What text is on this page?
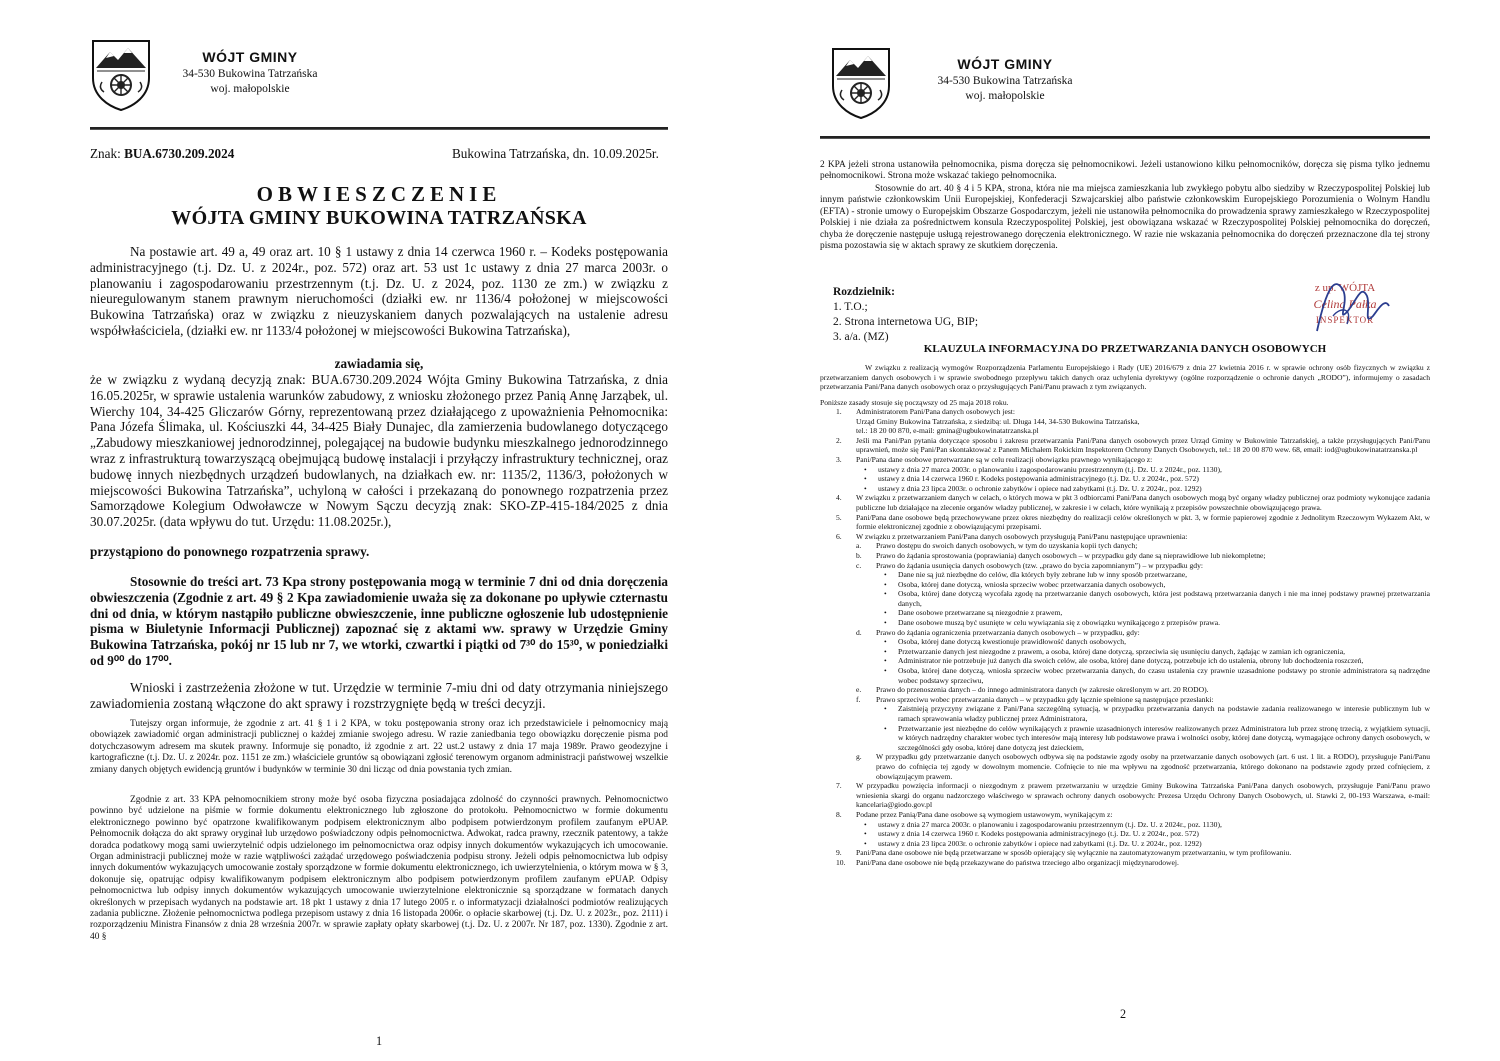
WÓJT GMINY
34-530 Bukowina Tatrzańska
woj. małopolskie
Znak: BUA.6730.209.2024	Bukowina Tatrzańska, dn. 10.09.2025r.
OBWIESZCZENIE
WÓJTA GMINY BUKOWINA TATRZAŃSKA
Na postawie art. 49 a, 49 oraz art. 10 § 1 ustawy z dnia 14 czerwca 1960 r. – Kodeks postępowania administracyjnego (t.j. Dz. U. z 2024r., poz. 572) oraz art. 53 ust 1c ustawy z dnia 27 marca 2003r. o planowaniu i zagospodarowaniu przestrzennym (t.j. Dz. U. z 2024, poz. 1130 ze zm.) w związku z nieuregulowanym stanem prawnym nieruchomości (działki ew. nr 1136/4 położonej w miejscowości Bukowina Tatrzańska) oraz w związku z nieuzyskaniem danych pozwalających na ustalenie adresu współwłaściciela, (działki ew. nr 1133/4 położonej w miejscowości Bukowina Tatrzańska),
zawiadamia się,
że w związku z wydaną decyzją znak: BUA.6730.209.2024 Wójta Gminy Bukowina Tatrzańska, z dnia 16.05.2025r, w sprawie ustalenia warunków zabudowy, z wniosku złożonego przez Panią Annę Jarząbek, ul. Wierchy 104, 34-425 Gliczarów Górny, reprezentowaną przez działającego z upoważnienia Pełnomocnika: Pana Józefa Ślimaka, ul. Kościuszki 44, 34-425 Biały Dunajec, dla zamierzenia budowlanego dotyczącego „Zabudowy mieszkaniowej jednorodzinnej, polegającej na budowie budynku mieszkalnego jednorodzinnego wraz z infrastrukturą towarzyszącą obejmującą budowę instalacji i przyłączy infrastruktury technicznej, oraz budowę innych niezbędnych urządzeń budowlanych, na działkach ew. nr: 1135/2, 1136/3, położonych w miejscowości Bukowina Tatrzańska”, uchyloną w całości i przekazaną do ponownego rozpatrzenia przez Samorządowe Kolegium Odwoławcze w Nowym Sączu decyzją znak: SKO-ZP-415-184/2025 z dnia 30.07.2025r. (data wpływu do tut. Urzędu: 11.08.2025r.),
przystąpiono do ponownego rozpatrzenia sprawy.
Stosownie do treści art. 73 Kpa strony postępowania mogą w terminie 7 dni od dnia doręczenia obwieszczenia (Zgodnie z art. 49 § 2 Kpa zawiadomienie uważa się za dokonane po upływie czternastu dni od dnia, w którym nastąpiło publiczne obwieszczenie, inne publiczne ogłoszenie lub udostępnienie pisma w Biuletynie Informacji Publicznej) zapoznać się z aktami ww. sprawy w Urzędzie Gminy Bukowina Tatrzańska, pokój nr 15 lub nr 7, we wtorki, czwartki i piątki od 7³⁰ do 15³⁰, w poniedziałki od 9⁰⁰ do 17⁰⁰.
Wnioski i zastrzeżenia złożone w tut. Urzędzie w terminie 7-miu dni od daty otrzymania niniejszego zawiadomienia zostaną włączone do akt sprawy i rozstrzygnięte będą w treści decyzji.
Tutejszy organ informuje, że zgodnie z art. 41 § 1 i 2 KPA, w toku postępowania strony oraz ich przedstawiciele i pełnomocnicy mają obowiązek zawiadomić organ administracji publicznej o każdej zmianie swojego adresu. W razie zaniedbania tego obowiązku doręczenie pisma pod dotychczasowym adresem ma skutek prawny. Informuje się ponadto, iż zgodnie z art. 22 ust.2 ustawy z dnia 17 maja 1989r. Prawo geodezyjne i kartograficzne (t.j. Dz. U. z 2024r. poz. 1151 ze zm.) właściciele gruntów są obowiązani zgłosić terenowym organom administracji państwowej wszelkie zmiany danych objętych ewidencją gruntów i budynków w terminie 30 dni licząc od dnia powstania tych zmian.
Zgodnie z art. 33 KPA pełnomocnikiem strony może być osoba fizyczna posiadająca zdolność do czynności prawnych. Pełnomocnictwo powinno być udzielone na piśmie w formie dokumentu elektronicznego lub zgłoszone do protokołu. Pełnomocnictwo w formie dokumentu elektronicznego powinno być opatrzone kwalifikowanym podpisem elektronicznym albo podpisem potwierdzonym profilem zaufanym ePUAP. Pełnomocnik dołącza do akt sprawy oryginał lub urzędowo poświadczony odpis pełnomocnictwa. Adwokat, radca prawny, rzecznik patentowy, a także doradca podatkowy mogą sami uwierzytelnić odpis udzielonego im pełnomocnictwa oraz odpisy innych dokumentów wykazujących ich umocowanie. Organ administracji publicznej może w razie wątpliwości zażądać urzędowego poświadczenia podpisu strony. Jeżeli odpis pełnomocnictwa lub odpisy innych dokumentów wykazujących umocowanie zostały sporządzone w formie dokumentu elektronicznego, ich uwierzytelnienia, o którym mowa w § 3, dokonuje się, opatrując odpisy kwalifikowanym podpisem elektronicznym albo podpisem potwierdzonym profilem zaufanym ePUAP. Odpisy pełnomocnictwa lub odpisy innych dokumentów wykazujących umocowanie uwierzytelnione elektronicznie są sporządzane w formatach danych określonych w przepisach wydanych na podstawie art. 18 pkt 1 ustawy z dnia 17 lutego 2005 r. o informatyzacji działalności podmiotów realizujących zadania publiczne. Złożenie pełnomocnictwa podlega przepisom ustawy z dnia 16 listopada 2006r. o opłacie skarbowej (t.j. Dz. U. z 2023r., poz. 2111) i rozporządzeniu Ministra Finansów z dnia 28 września 2007r. w sprawie zapłaty opłaty skarbowej (t.j. Dz. U. z 2007r. Nr 187, poz. 1330). Zgodnie z art. 40 §
1
WÓJT GMINY
34-530 Bukowina Tatrzańska
woj. małopolskie
2 KPA jeżeli strona ustanowiła pełnomocnika, pisma doręcza się pełnomocnikowi. Jeżeli ustanowiono kilku pełnomocników, doręcza się pisma tylko jednemu pełnomocnikowi. Strona może wskazać takiego pełnomocnika.
Stosownie do art. 40 § 4 i 5 KPA, strona, która nie ma miejsca zamieszkania lub zwykłego pobytu albo siedziby w Rzeczypospolitej Polskiej lub innym państwie członkowskim Unii Europejskiej, Konfederacji Szwajcarskiej albo państwie członkowskim Europejskiego Porozumienia o Wolnym Handlu (EFTA) - stronie umowy o Europejskim Obszarze Gospodarczym, jeżeli nie ustanowiła pełnomocnika do prowadzenia sprawy zamieszkałego w Rzeczypospolitej Polskiej i nie działa za pośrednictwem konsula Rzeczypospolitej Polskiej, jest obowiązana wskazać w Rzeczypospolitej Polskiej pełnomocnika do doręczeń, chyba że doręczenie następuje usługą rejestrowanego doręczenia elektronicznego. W razie nie wskazania pełnomocnika do doręczeń przeznaczone dla tej strony pisma pozostawia się w aktach sprawy ze skutkiem doręczenia.
Rozdzielnik:
1. T.O.;
2. Strona internetowa UG, BIP;
3. a/a. (MZ)
z up. WÓJTA
Celina Pałka
INSPEKTOR
KLAUZULA INFORMACYJNA DO PRZETWARZANIA DANYCH OSOBOWYCH
W związku z realizacją wymogów Rozporządzenia Parlamentu Europejskiego i Rady (UE) 2016/679 z dnia 27 kwietnia 2016 r. w sprawie ochrony osób fizycznych w związku z przetwarzaniem danych osobowych i w sprawie swobodnego przepływu takich danych oraz uchylenia dyrektywy (ogólne rozporządzenie o ochronie danych „RODO”), informujemy o zasadach przetwarzania Pani/Pana danych osobowych oraz o przysługujących Pani/Panu prawach z tym związanych.
Poniższe zasady stosuje się począwszy od 25 maja 2018 roku.
1. Administratorem Pani/Pana danych osobowych jest:
Urząd Gminy Bukowina Tatrzańska, z siedzibą: ul. Długa 144, 34-530 Bukowina Tatrzańska,
tel.: 18 20 00 870, e-mail: gmina@ugbukowinatatrzanska.pl
2. Jeśli ma Pani/Pan pytania dotyczące sposobu i zakresu przetwarzania Pani/Pana danych osobowych przez Urząd Gminy w Bukowinie Tatrzańskiej, a także przysługujących Pani/Panu uprawnień, może się Pani/Pan skontaktować z Panem Michałem Rokickim Inspektorem Ochrony Danych Osobowych, tel.: 18 20 00 870 wew. 68, email: iod@ugbukowinatatrzanska.pl
3. Pani/Pana dane osobowe przetwarzane są w celu realizacji obowiązku prawnego wynikającego z:
• ustawy z dnia 27 marca 2003r. o planowaniu i zagospodarowaniu przestrzennym (t.j. Dz. U. z 2024r., poz. 1130),
• ustawy z dnia 14 czerwca 1960 r. Kodeks postępowania administracyjnego (t.j. Dz. U. z 2024r., poz. 572)
• ustawy z dnia 23 lipca 2003r. o ochronie zabytków i opiece nad zabytkami (t.j. Dz. U. z 2024r., poz. 1292)
4. W związku z przetwarzaniem danych w celach, o których mowa w pkt 3 odbiorcami Pani/Pana danych osobowych mogą być organy władzy publicznej oraz podmioty wykonujące zadania publiczne lub działające na zlecenie organów władzy publicznej, w zakresie i w celach, które wynikają z przepisów powszechnie obowiązującego prawa.
5. Pani/Pana dane osobowe będą przechowywane przez okres niezbędny do realizacji celów określonych w pkt. 3, w formie papierowej zgodnie z Jednolitym Rzeczowym Wykazem Akt, w formie elektronicznej zgodnie z obowiązującymi przepisami.
6. W związku z przetwarzaniem Pani/Pana danych osobowych przysługują Pani/Panu następujące uprawnienia:
a. Prawo dostępu do swoich danych osobowych, w tym do uzyskania kopii tych danych;
b. Prawo do żądania sprostowania (poprawiania) danych osobowych – w przypadku gdy dane są nieprawidłowe lub niekompletne;
c. Prawo do żądania usunięcia danych osobowych (tzw. „prawo do bycia zapomnianym”) – w przypadku gdy:
• Dane nie są już niezbędne do celów, dla których były zebrane lub w inny sposób przetwarzane,
• Osoba, której dane dotyczą, wniosła sprzeciw wobec przetwarzania danych osobowych,
• Osoba, której dane dotyczą wycofała zgodę na przetwarzanie danych osobowych, która jest podstawą przetwarzania danych i nie ma innej podstawy prawnej przetwarzania danych,
• Dane osobowe przetwarzane są niezgodnie z prawem,
• Dane osobowe muszą być usunięte w celu wywiązania się z obowiązku wynikającego z przepisów prawa.
d. Prawo do żądania ograniczenia przetwarzania danych osobowych – w przypadku, gdy:
• Osoba, której dane dotyczą kwestionuje prawidłowość danych osobowych,
• Przetwarzanie danych jest niezgodne z prawem, a osoba, której dane dotyczą, sprzeciwia się usunięciu danych, żądając w zamian ich ograniczenia,
• Administrator nie potrzebuje już danych dla swoich celów, ale osoba, której dane dotyczą, potrzebuje ich do ustalenia, obrony lub dochodzenia roszczeń,
• Osoba, której dane dotyczą, wniosła sprzeciw wobec przetwarzania danych, do czasu ustalenia czy prawnie uzasadnione podstawy po stronie administratora są nadrzędne wobec podstawy sprzeciwu,
e. Prawo do przenoszenia danych – do innego administratora danych (w zakresie określonym w art. 20 RODO).
f. Prawo sprzeciwu wobec przetwarzania danych – w przypadku gdy łącznie spełnione są następujące przesłanki:
• Zaistnieją przyczyny związane z Pani/Pana szczególną sytuacją, w przypadku przetwarzania danych na podstawie zadania realizowanego w interesie publicznym lub w ramach sprawowania władzy publicznej przez Administratora,
• Przetwarzanie jest niezbędne do celów wynikających z prawnie uzasadnionych interesów realizowanych przez Administratora lub przez stronę trzecią, z wyjątkiem sytuacji, w których nadrzędny charakter wobec tych interesów mają interesy lub podstawowe prawa i wolności osoby, której dane dotyczą, wymagające ochrony danych osobowych, w szczególności gdy osoba, której dane dotyczą jest dzieckiem,
g. W przypadku gdy przetwarzanie danych osobowych odbywa się na podstawie zgody osoby na przetwarzanie danych osobowych (art. 6 ust. 1 lit. a RODO), przysługuje Pani/Panu prawo do cofnięcia tej zgody w dowolnym momencie. Cofnięcie to nie ma wpływu na zgodność przetwarzania, którego dokonano na podstawie zgody przed cofnięciem, z obowiązującym prawem.
7. W przypadku powzięcia informacji o niezgodnym z prawem przetwarzaniu w urzędzie Gminy Bukowina Tatrzańska Pani/Pana danych osobowych, przysługuje Pani/Panu prawo wniesienia skargi do organu nadzorczego właściwego w sprawach ochrony danych osobowych: Prezesa Urzędu Ochrony Danych Osobowych, ul. Stawki 2, 00-193 Warszawa, e-mail: kancelaria@giodo.gov.pl
8. Podane przez Panią/Pana dane osobowe są wymogiem ustawowym, wynikającym z:
• ustawy z dnia 27 marca 2003r. o planowaniu i zagospodarowaniu przestrzennym (t.j. Dz. U. z 2024r., poz. 1130),
• ustawy z dnia 14 czerwca 1960 r. Kodeks postępowania administracyjnego (t.j. Dz. U. z 2024r., poz. 572)
• ustawy z dnia 23 lipca 2003r. o ochronie zabytków i opiece nad zabytkami (t.j. Dz. U. z 2024r., poz. 1292)
9. Pani/Pana dane osobowe nie będą przetwarzane w sposób opierający się wyłącznie na zautomatyzowanym przetwarzaniu, w tym profilowaniu.
10. Pani/Pana dane osobowe nie będą przekazywane do państwa trzeciego albo organizacji międzynarodowej.
2
